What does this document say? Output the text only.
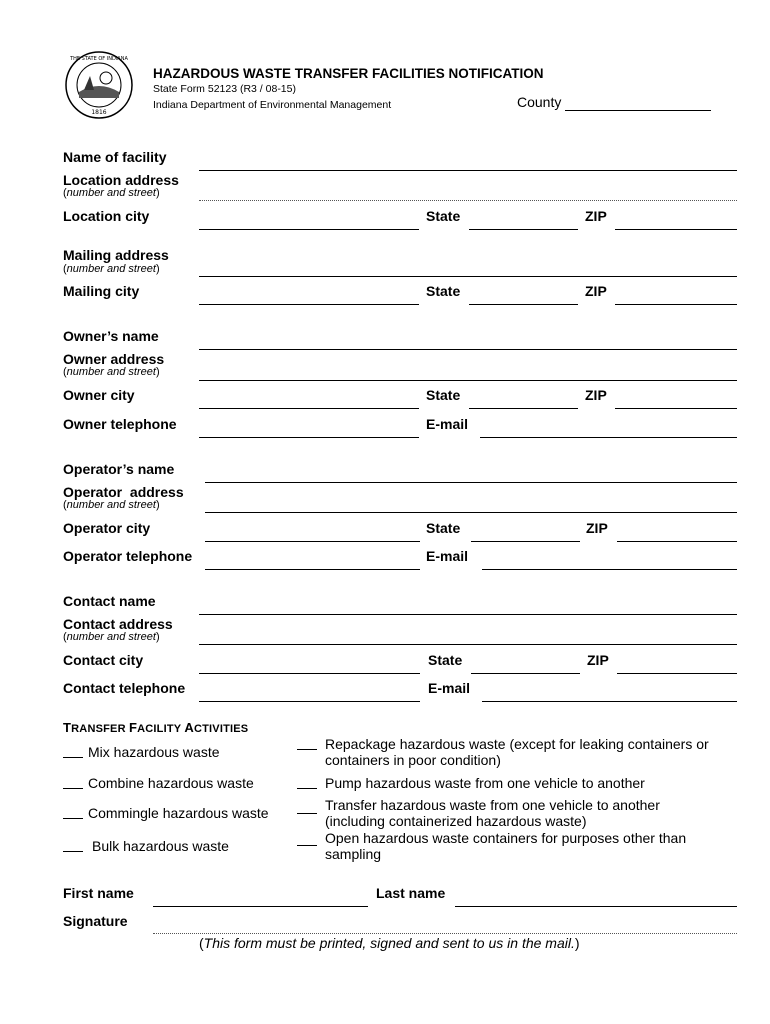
THE STATE OF INDIANA
1816
HAZARDOUS WASTE TRANSFER FACILITIES NOTIFICATION
State Form 52123 (R3 / 08-15)
Indiana Department of Environmental Management	County
Name of facility
Location address
(number and street)
Location city	State	ZIP
Mailing address
(number and street)
Mailing city	State	ZIP
Owner’s name
Owner address
(number and street)
Owner city	State	ZIP
Owner telephone	E-mail
Operator’s name
Operator  address
(number and street)
Operator city	State	ZIP
Operator telephone	E-mail
Contact name
Contact address
(number and street)
Contact city	State	ZIP
Contact telephone	E-mail
TRANSFER FACILITY ACTIVITIES
Mix hazardous waste
Combine hazardous waste
Commingle hazardous waste
Bulk hazardous waste
Repackage hazardous waste (except for leaking containers or
containers in poor condition)
Pump hazardous waste from one vehicle to another
Transfer hazardous waste from one vehicle to another
(including containerized hazardous waste)
Open hazardous waste containers for purposes other than
sampling
First name	Last name
Signature
(This form must be printed, signed and sent to us in the mail.)
